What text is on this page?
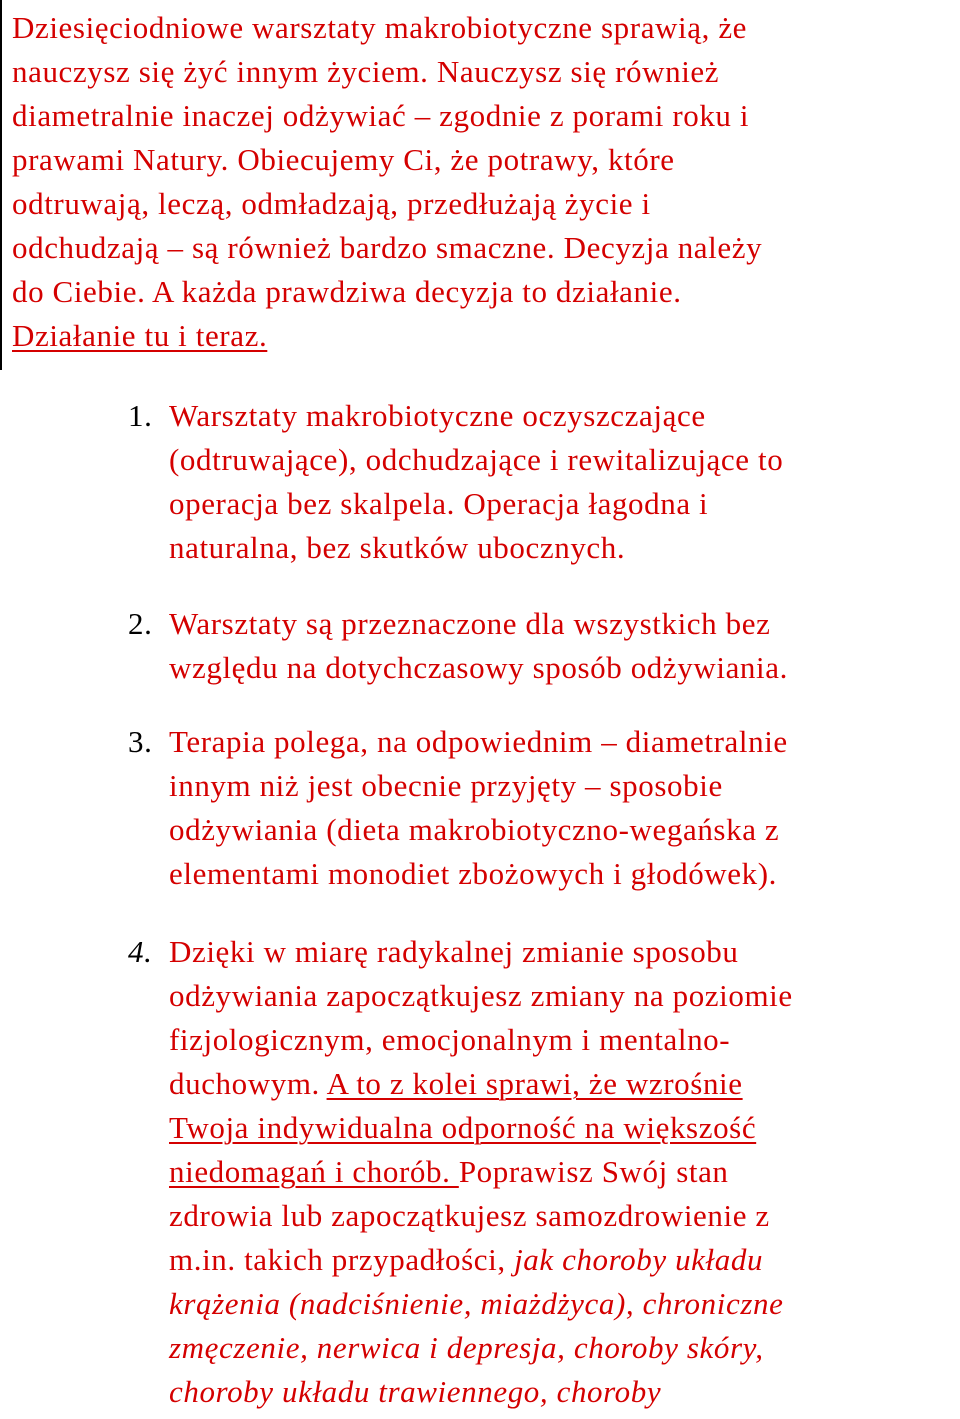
Dziesięciodniowe warsztaty makrobiotyczne sprawią, że
nauczysz się żyć innym życiem. Nauczysz się również
diametralnie inaczej odżywiać – zgodnie z porami roku i
prawami Natury. Obiecujemy Ci, że potrawy, które
odtruwają, leczą, odmładzają, przedłużają życie i
odchudzają – są również bardzo smaczne. Decyzja należy
do Ciebie. A każda prawdziwa decyzja to działanie.
Działanie tu i teraz.
1. Warsztaty makrobiotyczne oczyszczające
(odtruwające), odchudzające i rewitalizujące to
operacja bez skalpela. Operacja łagodna i
naturalna, bez skutków ubocznych.
2. Warsztaty są przeznaczone dla wszystkich bez
względu na dotychczasowy sposób odżywiania.
3. Terapia polega, na odpowiednim – diametralnie
innym niż jest obecnie przyjęty – sposobie
odżywiania (dieta makrobiotyczno-wegańska z
elementami monodiet zbożowych i głodówek).
4. Dzięki w miarę radykalnej zmianie sposobu
odżywiania zapoczątkujesz zmiany na poziomie
fizjologicznym, emocjonalnym i mentalno-
duchowym. A to z kolei sprawi, że wzrośnie
Twoja indywidualna odporność na większość
niedomagań i chorób. Poprawisz Swój stan
zdrowia lub zapoczątkujesz samozdrowienie z
m.in. takich przypadłości, jak choroby układu
krążenia (nadciśnienie, miażdżyca), chroniczne
zmęczenie, nerwica i depresja, choroby skóry,
choroby układu trawiennego, choroby
